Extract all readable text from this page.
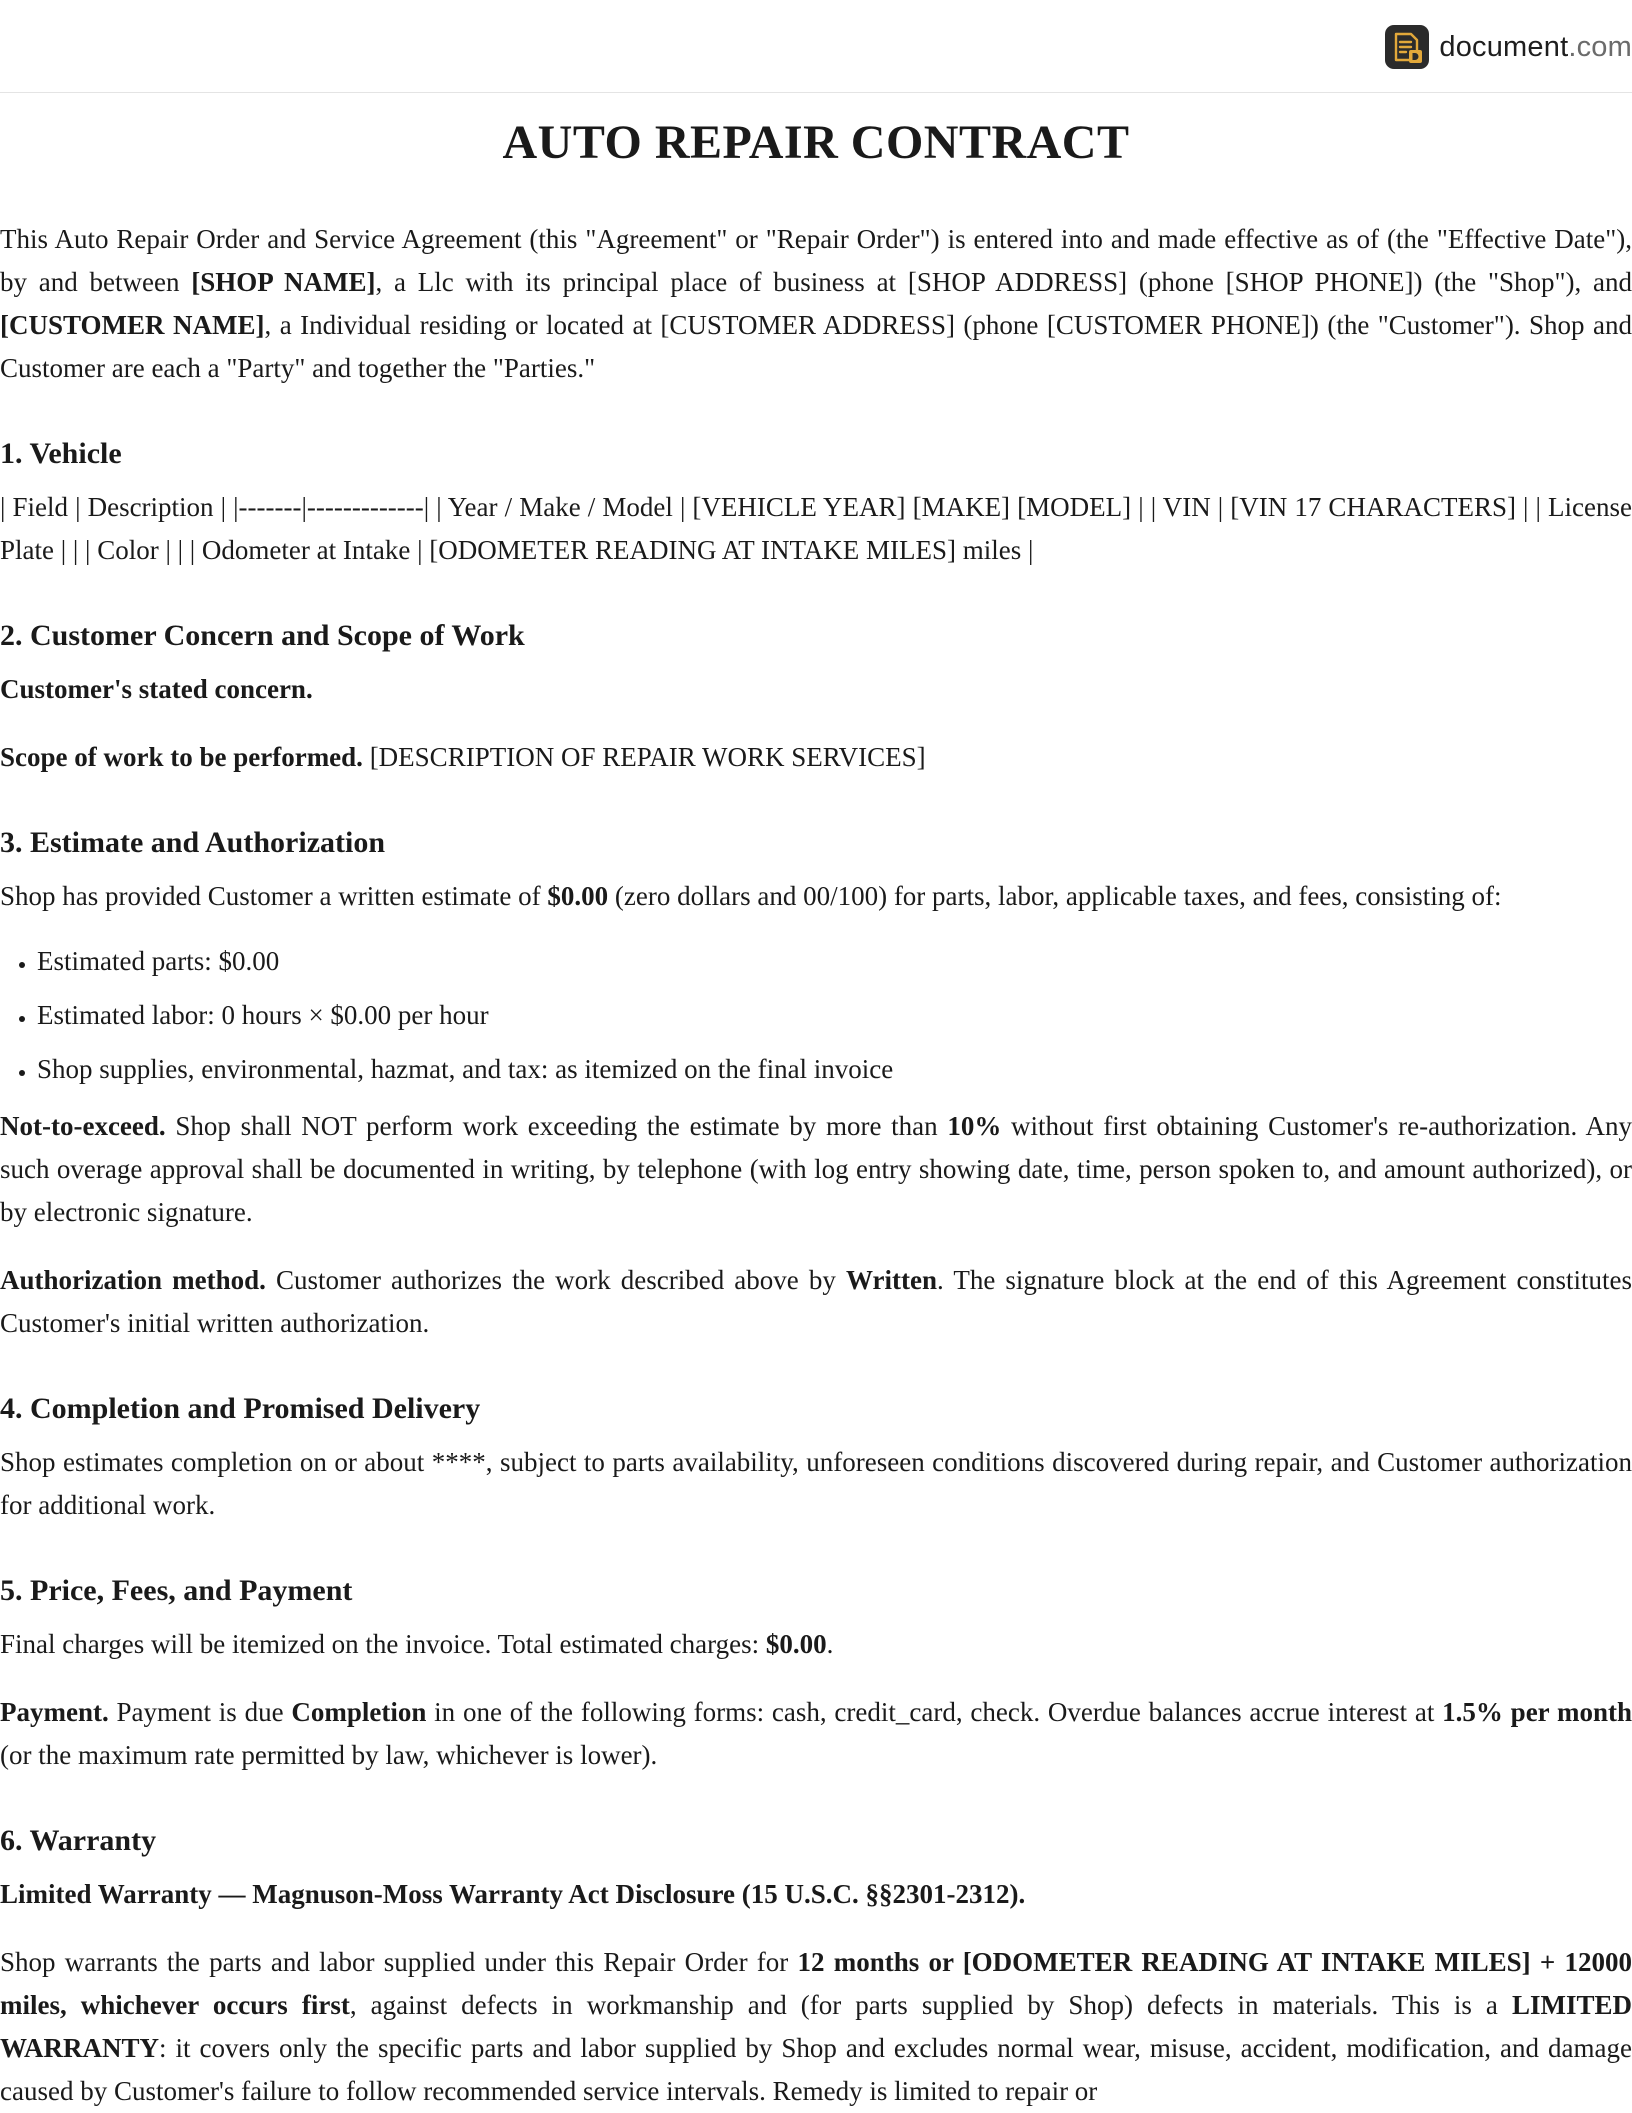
document.com
AUTO REPAIR CONTRACT

This Auto Repair Order and Service Agreement (this "Agreement" or "Repair Order") is entered into and made effective as of (the "Effective Date"), by and between [SHOP NAME], a Llc with its principal place of business at [SHOP ADDRESS] (phone [SHOP PHONE]) (the "Shop"), and [CUSTOMER NAME], a Individual residing or located at [CUSTOMER ADDRESS] (phone [CUSTOMER PHONE]) (the "Customer"). Shop and Customer are each a "Party" and together the "Parties."

1. Vehicle

| Field | Description | |-------|-------------| | Year / Make / Model | [VEHICLE YEAR] [MAKE] [MODEL] | | VIN | [VIN 17 CHARACTERS] | | License Plate | | | Color | | | Odometer at Intake | [ODOMETER READING AT INTAKE MILES] miles |

2. Customer Concern and Scope of Work

Customer's stated concern.

Scope of work to be performed. [DESCRIPTION OF REPAIR WORK SERVICES]

3. Estimate and Authorization

Shop has provided Customer a written estimate of $0.00 (zero dollars and 00/100) for parts, labor, applicable taxes, and fees, consisting of:

• Estimated parts: $0.00
• Estimated labor: 0 hours × $0.00 per hour
• Shop supplies, environmental, hazmat, and tax: as itemized on the final invoice

Not-to-exceed. Shop shall NOT perform work exceeding the estimate by more than 10% without first obtaining Customer's re-authorization. Any such overage approval shall be documented in writing, by telephone (with log entry showing date, time, person spoken to, and amount authorized), or by electronic signature.

Authorization method. Customer authorizes the work described above by Written. The signature block at the end of this Agreement constitutes Customer's initial written authorization.

4. Completion and Promised Delivery

Shop estimates completion on or about ****, subject to parts availability, unforeseen conditions discovered during repair, and Customer authorization for additional work.

5. Price, Fees, and Payment

Final charges will be itemized on the invoice. Total estimated charges: $0.00.

Payment. Payment is due Completion in one of the following forms: cash, credit_card, check. Overdue balances accrue interest at 1.5% per month (or the maximum rate permitted by law, whichever is lower).

6. Warranty

Limited Warranty — Magnuson-Moss Warranty Act Disclosure (15 U.S.C. §§2301-2312).

Shop warrants the parts and labor supplied under this Repair Order for 12 months or [ODOMETER READING AT INTAKE MILES] + 12000 miles, whichever occurs first, against defects in workmanship and (for parts supplied by Shop) defects in materials. This is a LIMITED WARRANTY: it covers only the specific parts and labor supplied by Shop and excludes normal wear, misuse, accident, modification, and damage caused by Customer's failure to follow recommended service intervals. Remedy is limited to repair or
